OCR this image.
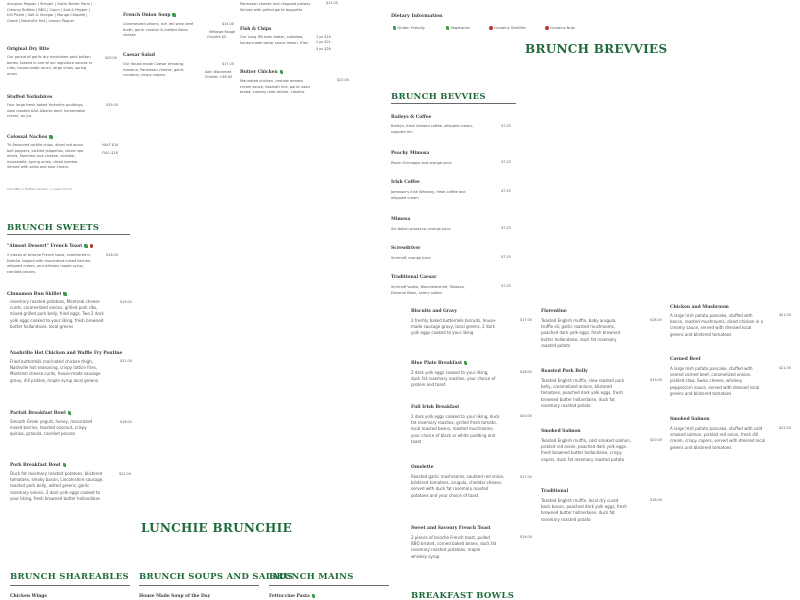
Scorpion Pepper | Teriyaki | Garlic Butter Parm | Creamy Buffalo | BBQ | Cajun | Salt & Pepper | Dill Pickle | Salt & Vinegar | Mango Chipotle | Greek | Nashville Hot | Lemon Pepper
Original Dry Bite
Our pound of garlic dry marinated pork button bones, tossed in one of our signature sauces or rubs, house-made ranch, large chips, spring onion
$20.00
Stuffed Yorkshires
Four large fresh baked Yorkshire puddings, slow roasted AAA Alberta beef, horseradish cream, au jus
$19.00
Colossal Nachos
Tri-flavoured tortilla chips, diced red onion, bell peppers, pickled jalapeños, sliced ripe olives, Montreal jack cheese, cheddar, mozzarella, spring onion, diced tomato. Served with salsa and sour cream.
HALF $14
FULL $18
Add BBQ or Buffalo chicken, or beef chili $7
BRUNCH SWEETS
"Almost Dessert" French Toast
2 pieces of brioche French toast, smothered in Nutella, topped with macerated mixed berries, whipped cream, and whiskey maple syrup, candied pecans
$18.00
Cinnamon Bun Skillet
rosemary roasted potatoes, Montreal cheese curds, caramelized onions, grilled pork ribs, mixed grilled pork belly, fried eggs. Two 2 dark yolk eggs cooked to your liking, fresh browned butter hollandaise, local greens
$19.00
Nashville Hot Chicken and Waffle Fry Poutine
Fried buttermilk marinated chicken thigh, Nashville hot seasoning, crispy lattice fries, Montreal cheese curds, house-made sausage gravy, dill pickles, maple syrup local greens.
$21.00
Parfait Breakfast Bowl
Smooth Greek yogurt, honey, macerated mixed berries, toasted coconut, crispy quinoa, granola, candied pecans
$16.00
Pork Breakfast Bowl
Duck fat rosemary roasted potatoes, blistered tomatoes, smoky bacon, Lincolnshire sausage, roasted pork belly, wilted greens, garlic rosemary onions, 2 dark yolk eggs cooked to your liking, fresh browned butter hollandaise
$22.00
Parmesan cheese and chopped parsley Served with grilled garlic baguette
$12.00
French Onion Soup
Caramelized onions, rich red wine beef broth, garlic crostini & melted Swiss cheese
$14.00
Mélange Rouge
Gruyère $5
Caesar Salad
Our house-made Caesar dressing, romaine, Parmesan cheese, garlic croutons, crispy capers.
$17.00
Add: Blackened
Chicken +$6.00
Fish & Chips
Our Long IPA beer batter, coleslaw, house-made tartar sauce lemon, fries
1 pc $16
2 pc $21
3 pc $26
Butter Chicken
Marinated chicken, cashew tomato cream sauce, basmati rice, garlic naan bread, creamy raita drizzle, cilantro.
$22.00
LUNCHIE BRUNCHIE
Dietary Information
Gluten Friendly	Vegetarian	Contains Shellfish	Contains Nuts
BRUNCH BREVVIES
BRUNCH BEVVIES
Baileys & Coffee
Baileys, fresh brewed coffee, whipped cream, sugared rim
$7.25
Peachy Mimosa
Peach Schnapps and orange juice	$7.25
Irish Coffee
Jameson's Irish Whiskey, fresh coffee and whipped cream
$7.25
Mimosa
Sol Italian prosecco, orange juice	$7.25
Screwdriver
Smirnoff, orange juice	$7.25
Traditional Caesar
Smirnoff Vodka, Worcestershire, Tabasco, Extreme Bean, celery salted
$7.25
Biscuits and Gravy
2 freshly baked buttermilk biscuits, house-made sausage gravy, local greens, 2 dark yolk eggs cooked to your liking
$17.00
Blue Plate Breakfast
2 dark yolk eggs cooked to your liking, duck fat rosemary roasties, your choice of protein and toast
$16.00
Full Irish Breakfast
2 dark yolk eggs cooked to your liking, duck fat rosemary roasties, grilled fresh tomato, local roasted beans, roasted mushrooms, your choice of black or white pudding and toast
$20.00
Omelette
Roasted garlic mushrooms, sautéed red onion, blistered tomatoes, arugula, cheddar cheese, served with duck fat rosemary roasted potatoes and your choice of toast
$17.00
Sweet and Savoury French Toast
2 pieces of brioche French toast, pulled BBQ brisket, corned baked beans, duck fat rosemary roasted potatoes, maple whiskey syrup
$19.00
Florentine
Toasted English muffin, baby arugula, truffle oil, garlic roasted mushrooms, poached dark yolk eggs, fresh browned butter hollandaise, duck fat rosemary roasted potato
$18.00
Roasted Pork Belly
Toasted English muffin, slow roasted pork belly, caramelized onions, blistered tomatoes, poached dark yolk eggs, fresh browned butter hollandaise, duck fat rosemary roasted potato
$19.00
Smoked Salmon
Toasted English muffin, cold smoked salmon, pickled red onion, poached dark yolk eggs, fresh browned butter hollandaise, crispy capers, duck fat rosemary roasted potato
$20.00
Traditional
Toasted English muffin, local dry cured back bacon, poached dark yolk eggs, fresh browned butter hollandaise, duck fat rosemary roasted potato
$18.00
Chicken and Mushroom
A large Irish potato pancake, stuffed with bacon, roasted mushrooms, diced chicken in a creamy sauce, served with dressed local greens and blistered tomatoes
$21.00
Corned Beef
A large Irish potato pancake, stuffed with seared corned beef, caramelized onions, pickled slaw, Swiss cheese, whiskey peppercorn sauce, served with dressed local greens and blistered tomatoes
$21.00
Smoked Salmon
A large Irish potato pancake, stuffed with cold smoked salmon, pickled red onion, fresh dill cream, crispy capers, served with dressed local greens and blistered tomatoes
$22.00
BRUNCH SHAREABLES
Chicken Wings
BRUNCH SOUPS AND SALADS
House Made Soup of the Day
BRUNCH MAINS
Fettuccine Pasta	BREAKFAST BOWLS
